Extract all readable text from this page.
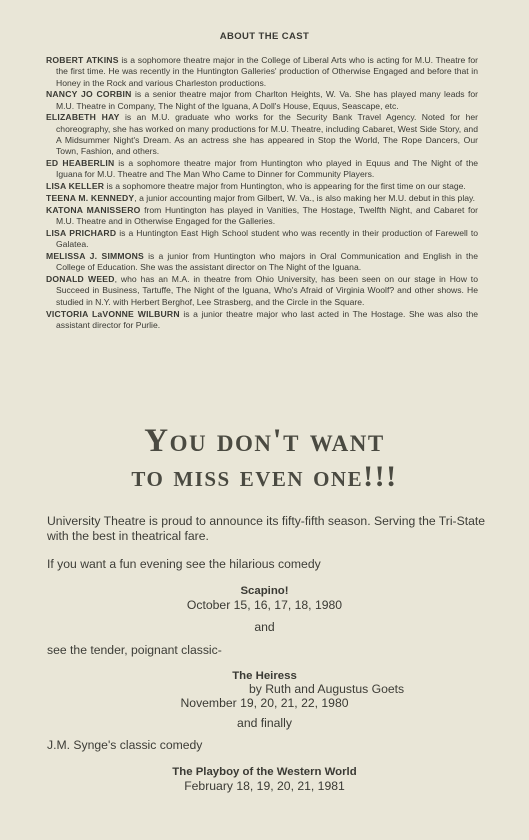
ABOUT THE CAST

ROBERT ATKINS is a sophomore theatre major in the College of Liberal Arts who is acting for M.U. Theatre for the first time. He was recently in the Huntington Galleries' production of Otherwise Engaged and before that in Honey in the Rock and various Charleston productions.

NANCY JO CORBIN is a senior theatre major from Charlton Heights, W. Va. She has played many leads for M.U. Theatre in Company, The Night of the Iguana, A Doll's House, Equus, Seascape, etc.

ELIZABETH HAY is an M.U. graduate who works for the Security Bank Travel Agency. Noted for her choreography, she has worked on many productions for M.U. Theatre, including Cabaret, West Side Story, and A Midsummer Night's Dream. As an actress she has appeared in Stop the World, The Rope Dancers, Our Town, Fashion, and others.

ED HEABERLIN is a sophomore theatre major from Huntington who played in Equus and The Night of the Iguana for M.U. Theatre and The Man Who Came to Dinner for Community Players.

LISA KELLER is a sophomore theatre major from Huntington, who is appearing for the first time on our stage.

TEENA M. KENNEDY, a junior accounting major from Gilbert, W. Va., is also making her M.U. debut in this play.

KATONA MANISSERO from Huntington has played in Vanities, The Hostage, Twelfth Night, and Cabaret for M.U. Theatre and in Otherwise Engaged for the Galleries.

LISA PRICHARD is a Huntington East High School student who was recently in their production of Farewell to Galatea.

MELISSA J. SIMMONS is a junior from Huntington who majors in Oral Communication and English in the College of Education. She was the assistant director on The Night of the Iguana.

DONALD WEED, who has an M.A. in theatre from Ohio University, has been seen on our stage in How to Succeed in Business, Tartuffe, The Night of the Iguana, Who's Afraid of Virginia Woolf? and other shows. He studied in N.Y. with Herbert Berghof, Lee Strasberg, and the Circle in the Square.

VICTORIA LaVONNE WILBURN is a junior theatre major who last acted in The Hostage. She was also the assistant director for Purlie.

You don't want
to miss even one!!!
University Theatre is proud to announce its fifty-fifth season. Serving the Tri-State with the best in theatrical fare.
If you want a fun evening see the hilarious comedy
Scapino!
October 15, 16, 17, 18, 1980
and
see the tender, poignant classic-
The Heiress
by Ruth and Augustus Goets
November 19, 20, 21, 22, 1980
and finally
J.M. Synge's classic comedy
The Playboy of the Western World
February 18, 19, 20, 21, 1981
